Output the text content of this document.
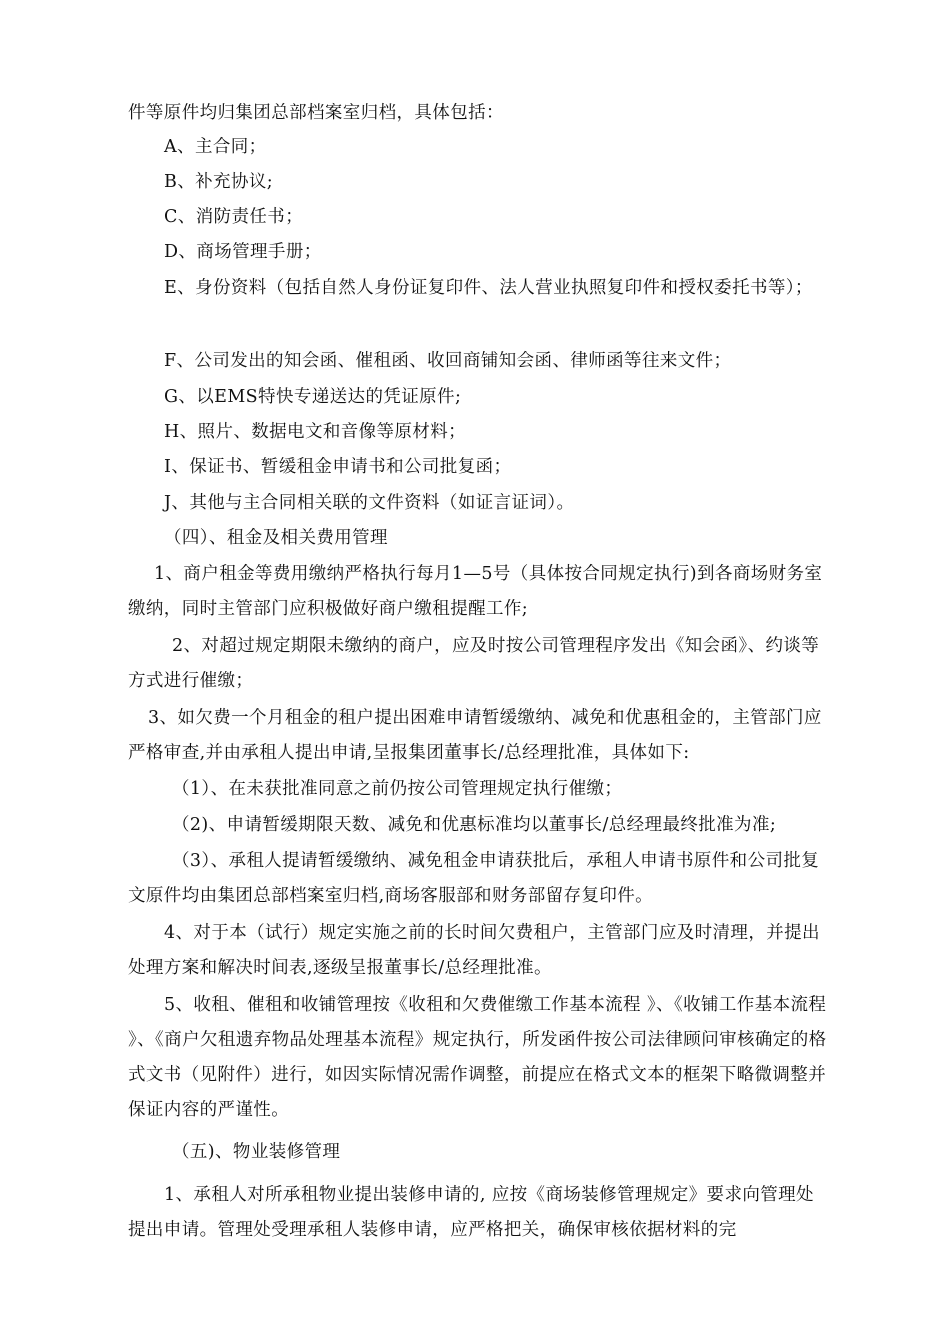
件等原件均归集团总部档案室归档，具体包括：
A、主合同；
B、补充协议;
C、消防责任书；
D、商场管理手册；
E、身份资料（包括自然人身份证复印件、法人营业执照复印件和授权委托书等）；
F、公司发出的知会函、催租函、收回商铺知会函、律师函等往来文件；
G、以EMS特快专递送达的凭证原件;
H、照片、数据电文和音像等原材料；
I、保证书、暂缓租金申请书和公司批复函；
J、其他与主合同相关联的文件资料（如证言证词）。
（四）、租金及相关费用管理
1、商户租金等费用缴纳严格执行每月1—5号（具体按合同规定执行)到各商场财务室缴纳，同时主管部门应积极做好商户缴租提醒工作;
2、对超过规定期限未缴纳的商户，应及时按公司管理程序发出《知会函》、约谈等方式进行催缴；
3、如欠费一个月租金的租户提出困难申请暂缓缴纳、减免和优惠租金的，主管部门应严格审查,并由承租人提出申请,呈报集团董事长/总经理批准，具体如下:
（1）、在未获批准同意之前仍按公司管理规定执行催缴；
（2)、申请暂缓期限天数、减免和优惠标准均以董事长/总经理最终批准为准;
（3）、承租人提请暂缓缴纳、减免租金申请获批后，承租人申请书原件和公司批复文原件均由集团总部档案室归档,商场客服部和财务部留存复印件。
4、对于本（试行）规定实施之前的长时间欠费租户，主管部门应及时清理，并提出处理方案和解决时间表,逐级呈报董事长/总经理批准。
5、收租、催租和收铺管理按《收租和欠费催缴工作基本流程 》、《收铺工作基本流程 》、《商户欠租遗弃物品处理基本流程》规定执行，所发函件按公司法律顾问审核确定的格式文书（见附件）进行，如因实际情况需作调整，前提应在格式文本的框架下略微调整并保证内容的严谨性。
（五)、物业装修管理
1、承租人对所承租物业提出装修申请的, 应按《商场装修管理规定》要求向管理处提出申请。管理处受理承租人装修申请，应严格把关，确保审核依据材料的完
